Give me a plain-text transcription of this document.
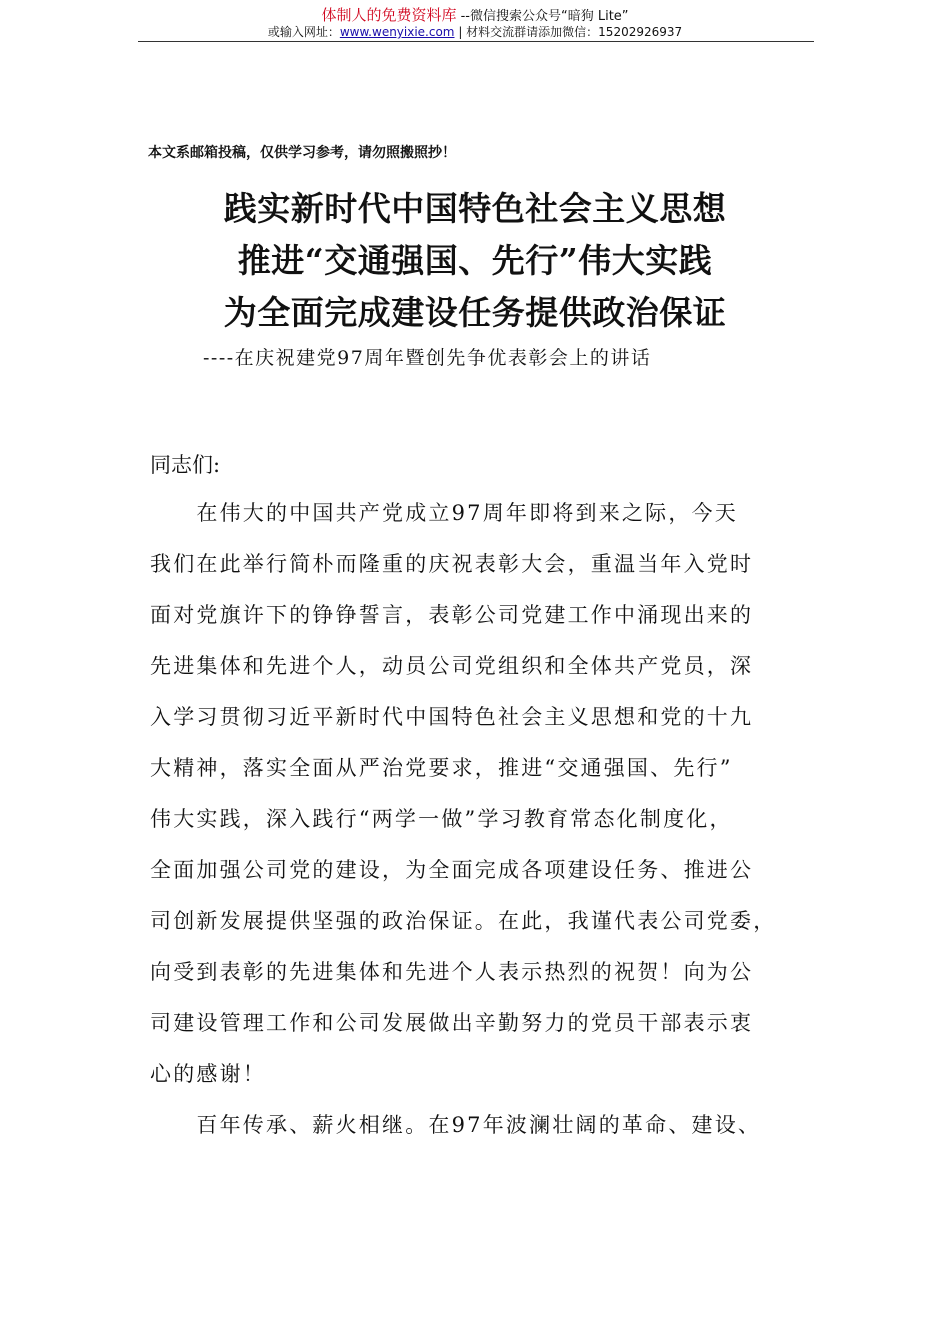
体制人的免费资料库 --微信搜索公众号“暗狗 Lite”
或输入网址：www.wenyixie.com | 材料交流群请添加微信：15202926937
本文系邮箱投稿，仅供学习参考，请勿照搬照抄！
践实新时代中国特色社会主义思想
推进“交通强国、先行”伟大实践
为全面完成建设任务提供政治保证
----在庆祝建党97周年暨创先争优表彰会上的讲话
同志们:
　　在伟大的中国共产党成立97周年即将到来之际，今天
我们在此举行简朴而隆重的庆祝表彰大会，重温当年入党时
面对党旗许下的铮铮誓言，表彰公司党建工作中涌现出来的
先进集体和先进个人，动员公司党组织和全体共产党员，深
入学习贯彻习近平新时代中国特色社会主义思想和党的十九
大精神，落实全面从严治党要求，推进“交通强国、先行”
伟大实践，深入践行“两学一做”学习教育常态化制度化，
全面加强公司党的建设，为全面完成各项建设任务、推进公
司创新发展提供坚强的政治保证。在此，我谨代表公司党委，
向受到表彰的先进集体和先进个人表示热烈的祝贺！向为公
司建设管理工作和公司发展做出辛勤努力的党员干部表示衷
心的感谢！
　　百年传承、薪火相继。在97年波澜壮阔的革命、建设、
